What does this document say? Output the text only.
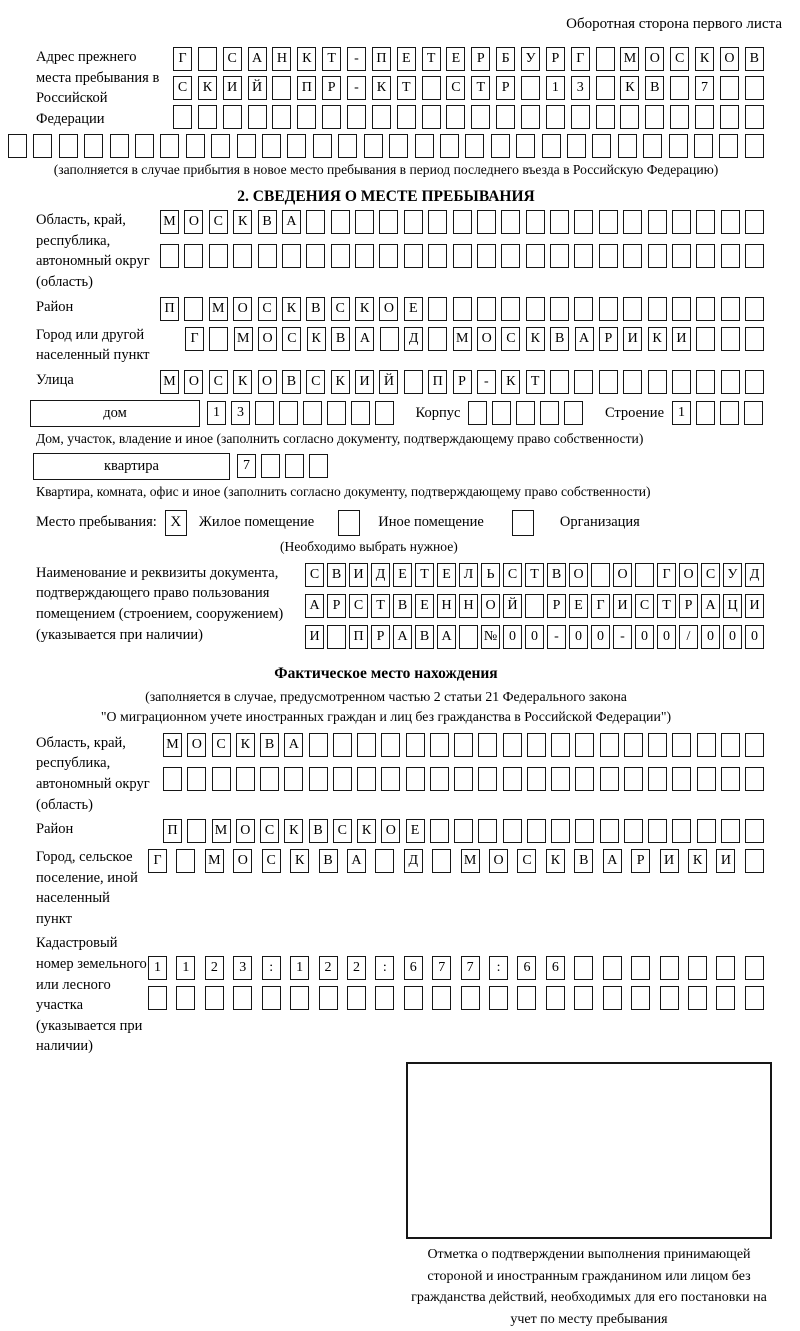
Оборотная сторона первого листа
Адрес прежнего места пребывания в Российской Федерации
Г	С	А	Н	К	Т	-	П	Е	Т	Е	Р	Б	У	Р	Г	М О	С	К	О	В
С	К	И	Й	П	Р	-	К	Т	С	Т	Р	1	3	К	В	7
(заполняется в случае прибытия в новое место пребывания в период последнего въезда в Российскую Федерацию)
2. СВЕДЕНИЯ О МЕСТЕ ПРЕБЫВАНИЯ
Область, край, республика, автономный округ (область)
М О	С	К	В	А
Район	П	М О	С	К	В	С	К	О	Е
Город или другой населенный пункт
Г	М О	С	К	В	А	Д	М О	С	К	В	А	Р	И	К	И
Улица	М О	С	К	О	В	С	К	И	Й	П	Р	-	К	Т
дом	1	3	Корпус	Строение	1
Дом, участок, владение и иное (заполнить согласно документу, подтверждающему право собственности)
квартира	7
Квартира, комната, офис и иное (заполнить согласно документу, подтверждающему право собственности)
Место пребывания: X	Жилое помещение	Иное помещение	Организация
(Необходимо выбрать нужное)
Наименование и реквизиты документа, подтверждающего право пользования помещением (строением, сооружением) (указывается при наличии)
С В И Д Е Т Е Л Ь С Т В О	О	Г О С У Д
А Р С Т В Е Н Н О Й	Р Е Г И С Т Р А Ц И
И	П Р А В А	№ 0	0	-	0	0	-	0	0	/	0	0	0
Фактическое место нахождения
(заполняется в случае, предусмотренном частью 2 статьи 21 Федерального закона
"О миграционном учете иностранных граждан и лиц без гражданства в Российской Федерации")
Область, край, республика, автономный округ (область)
М О	С	К	В	А
Район	П	М О	С	К	В	С	К	О	Е
Город, сельское поселение, иной населенный пункт
Г	М	О	С	К	В	А	Д	М	О	С	К	В	А	Р	И	К	И
Кадастровый номер земельного или лесного участка (указывается при наличии)
1	1	2	3	:	1	2	2	:	6	7	7	:	6	6
Отметка о подтверждении выполнения принимающей стороной и иностранным гражданином или лицом без гражданства действий, необходимых для его постановки на учет по месту пребывания
